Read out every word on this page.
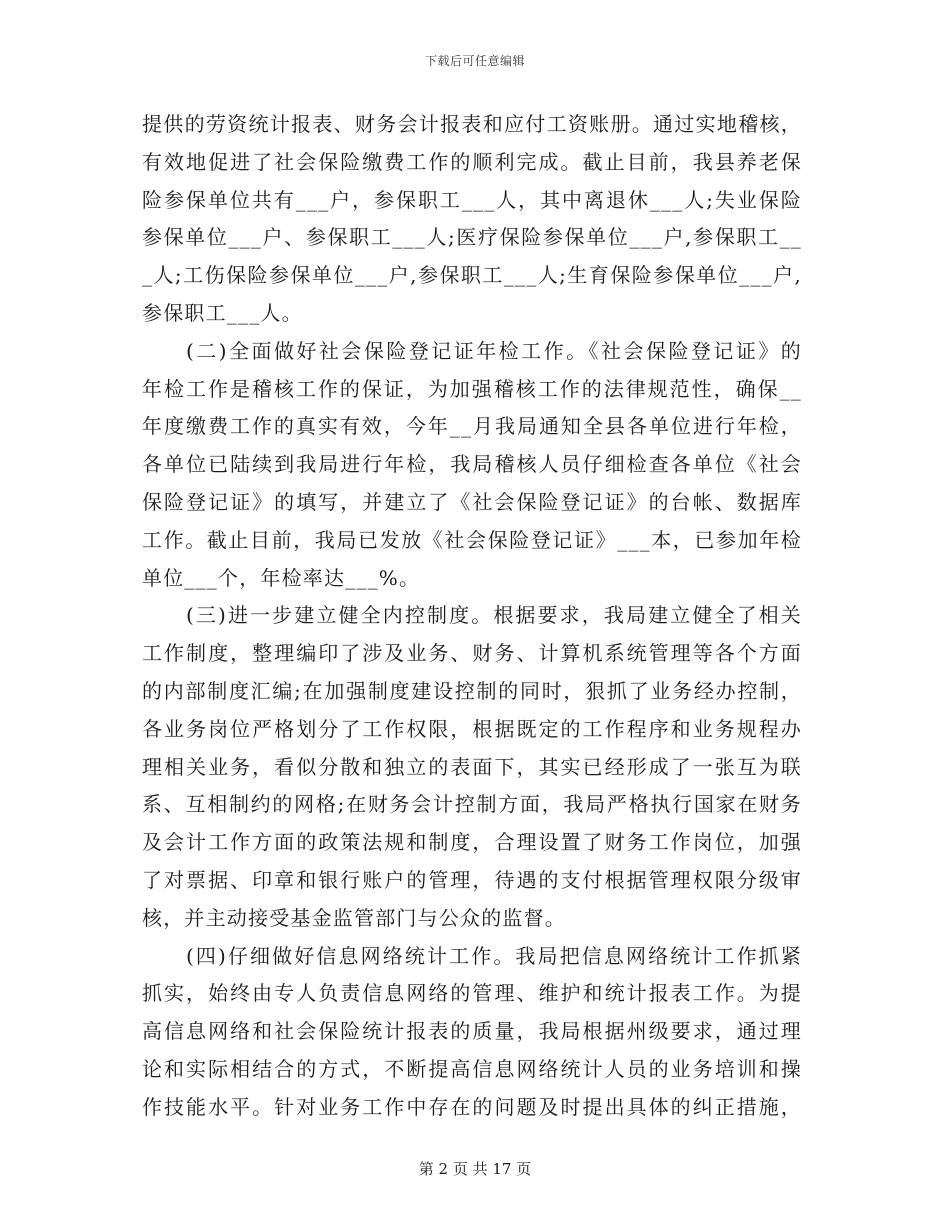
下载后可任意编辑
提供的劳资统计报表、财务会计报表和应付工资账册。通过实地稽核，
有效地促进了社会保险缴费工作的顺利完成。截止目前，我县养老保
险参保单位共有___户，参保职工___人，其中离退休___人;失业保险
参保单位___户、参保职工___人;医疗保险参保单位___户,参保职工__
_人;工伤保险参保单位___户,参保职工___人;生育保险参保单位___户,
参保职工___人。
(二)全面做好社会保险登记证年检工作。《社会保险登记证》的
年检工作是稽核工作的保证，为加强稽核工作的法律规范性，确保__
年度缴费工作的真实有效，今年__月我局通知全县各单位进行年检，
各单位已陆续到我局进行年检，我局稽核人员仔细检查各单位《社会
保险登记证》的填写，并建立了《社会保险登记证》的台帐、数据库
工作。截止目前，我局已发放《社会保险登记证》___本，已参加年检
单位___个，年检率达___%。
(三)进一步建立健全内控制度。根据要求，我局建立健全了相关
工作制度，整理编印了涉及业务、财务、计算机系统管理等各个方面
的内部制度汇编;在加强制度建设控制的同时，狠抓了业务经办控制，
各业务岗位严格划分了工作权限，根据既定的工作程序和业务规程办
理相关业务，看似分散和独立的表面下，其实已经形成了一张互为联
系、互相制约的网格;在财务会计控制方面，我局严格执行国家在财务
及会计工作方面的政策法规和制度，合理设置了财务工作岗位，加强
了对票据、印章和银行账户的管理，待遇的支付根据管理权限分级审
核，并主动接受基金监管部门与公众的监督。
(四)仔细做好信息网络统计工作。我局把信息网络统计工作抓紧
抓实，始终由专人负责信息网络的管理、维护和统计报表工作。为提
高信息网络和社会保险统计报表的质量，我局根据州级要求，通过理
论和实际相结合的方式，不断提高信息网络统计人员的业务培训和操
作技能水平。针对业务工作中存在的问题及时提出具体的纠正措施，
第 2 页 共 17 页
